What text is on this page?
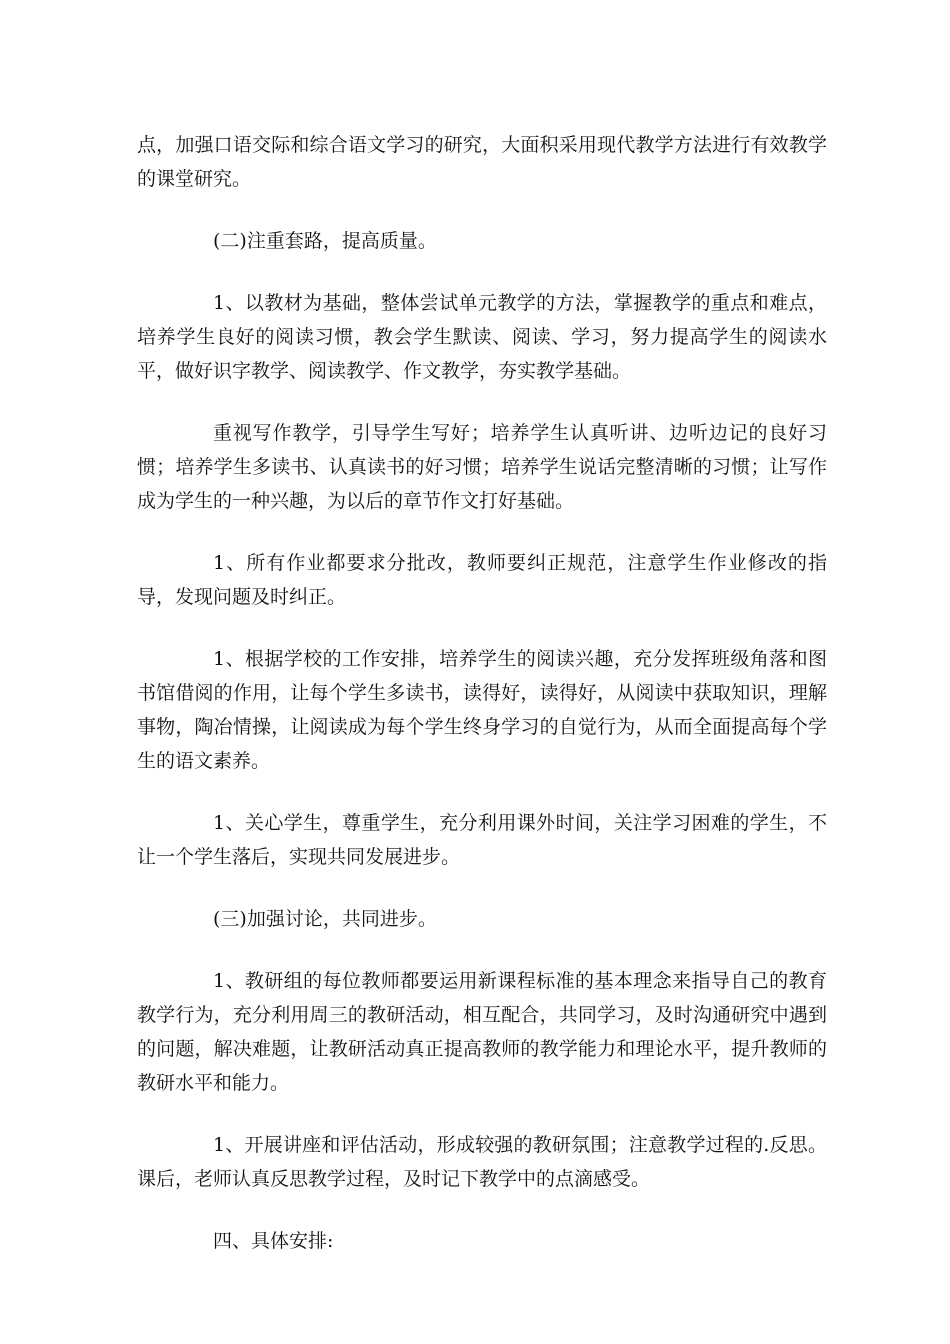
点，加强口语交际和综合语文学习的研究，大面积采用现代教学方法进行有效教学的课堂研究。

(二)注重套路，提高质量。

1、以教材为基础，整体尝试单元教学的方法，掌握教学的重点和难点，培养学生良好的阅读习惯，教会学生默读、阅读、学习，努力提高学生的阅读水平，做好识字教学、阅读教学、作文教学，夯实教学基础。

重视写作教学，引导学生写好；培养学生认真听讲、边听边记的良好习惯；培养学生多读书、认真读书的好习惯；培养学生说话完整清晰的习惯；让写作成为学生的一种兴趣，为以后的章节作文打好基础。

1、所有作业都要求分批改，教师要纠正规范，注意学生作业修改的指导，发现问题及时纠正。

1、根据学校的工作安排，培养学生的阅读兴趣，充分发挥班级角落和图书馆借阅的作用，让每个学生多读书，读得好，读得好，从阅读中获取知识，理解事物，陶冶情操，让阅读成为每个学生终身学习的自觉行为，从而全面提高每个学生的语文素养。

1、关心学生，尊重学生，充分利用课外时间，关注学习困难的学生，不让一个学生落后，实现共同发展进步。

(三)加强讨论，共同进步。

1、教研组的每位教师都要运用新课程标准的基本理念来指导自己的教育教学行为，充分利用周三的教研活动，相互配合，共同学习，及时沟通研究中遇到的问题，解决难题，让教研活动真正提高教师的教学能力和理论水平，提升教师的教研水平和能力。

1、开展讲座和评估活动，形成较强的教研氛围；注意教学过程的.反思。课后，老师认真反思教学过程，及时记下教学中的点滴感受。

四、具体安排:
